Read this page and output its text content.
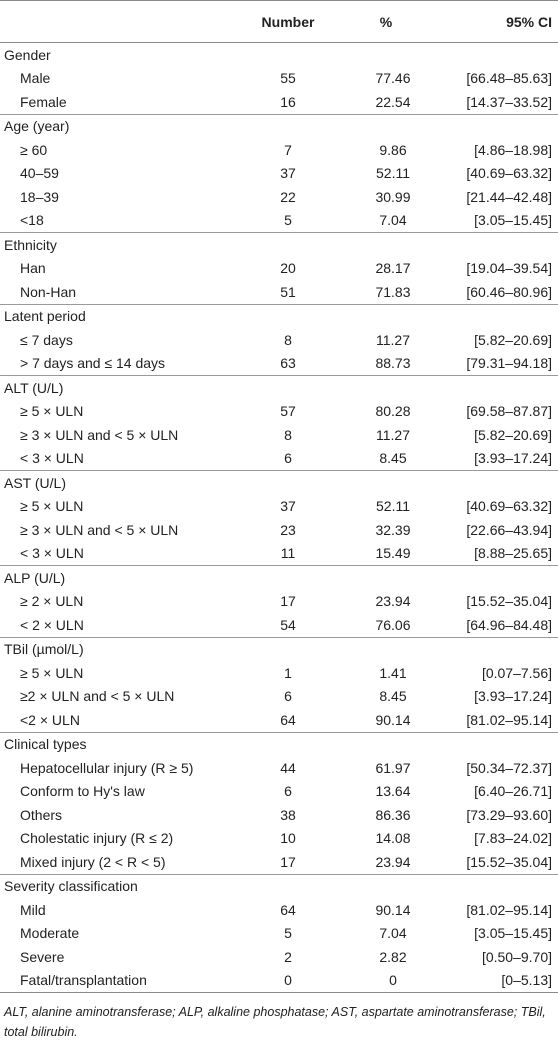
	Number	%	95% CI
Gender			
Male	55	77.46	[66.48–85.63]
Female	16	22.54	[14.37–33.52]
Age (year)			
≥ 60	7	9.86	[4.86–18.98]
40–59	37	52.11	[40.69–63.32]
18–39	22	30.99	[21.44–42.48]
<18	5	7.04	[3.05–15.45]
Ethnicity			
Han	20	28.17	[19.04–39.54]
Non-Han	51	71.83	[60.46–80.96]
Latent period			
≤ 7 days	8	11.27	[5.82–20.69]
> 7 days and ≤ 14 days	63	88.73	[79.31–94.18]
ALT (U/L)			
≥ 5 × ULN	57	80.28	[69.58–87.87]
≥ 3 × ULN and < 5 × ULN	8	11.27	[5.82–20.69]
< 3 × ULN	6	8.45	[3.93–17.24]
AST (U/L)			
≥ 5 × ULN	37	52.11	[40.69–63.32]
≥ 3 × ULN and < 5 × ULN	23	32.39	[22.66–43.94]
< 3 × ULN	11	15.49	[8.88–25.65]
ALP (U/L)			
≥ 2 × ULN	17	23.94	[15.52–35.04]
< 2 × ULN	54	76.06	[64.96–84.48]
TBil (µmol/L)			
≥ 5 × ULN	1	1.41	[0.07–7.56]
≥2 × ULN and < 5 × ULN	6	8.45	[3.93–17.24]
<2 × ULN	64	90.14	[81.02–95.14]
Clinical types			
Hepatocellular injury (R ≥ 5)	44	61.97	[50.34–72.37]
Conform to Hy's law	6	13.64	[6.40–26.71]
Others	38	86.36	[73.29–93.60]
Cholestatic injury (R ≤ 2)	10	14.08	[7.83–24.02]
Mixed injury (2 < R < 5)	17	23.94	[15.52–35.04]
Severity classification			
Mild	64	90.14	[81.02–95.14]
Moderate	5	7.04	[3.05–15.45]
Severe	2	2.82	[0.50–9.70]
Fatal/transplantation	0	0	[0–5.13]
ALT, alanine aminotransferase; ALP, alkaline phosphatase; AST, aspartate aminotransferase; TBil, total bilirubin.
